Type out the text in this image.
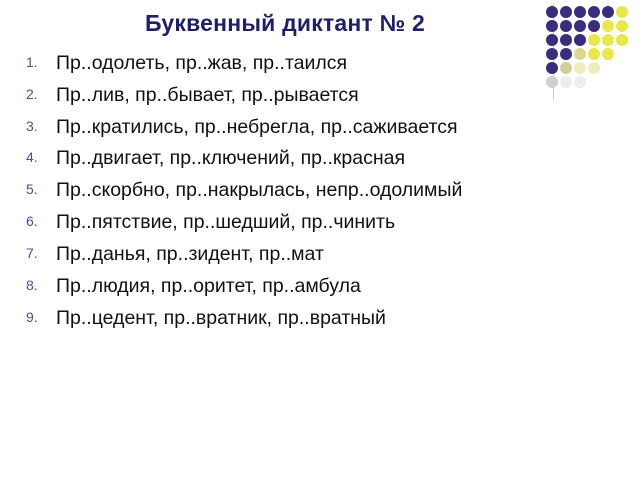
Буквенный диктант № 2
1. Пр..одолеть, пр..жав, пр..таился
2. Пр..лив, пр..бывает, пр..рывается
3. Пр..кратились, пр..небрегла, пр..саживается
4. Пр..двигает, пр..ключений, пр..красная
5. Пр..скорбно, пр..накрылась, непр..одолимый
6. Пр..пятствие, пр..шедший, пр..чинить
7. Пр..данья, пр..зидент, пр..мат
8. Пр..людия, пр..оритет, пр..амбула
9. Пр..цедент, пр..вратник, пр..вратный
